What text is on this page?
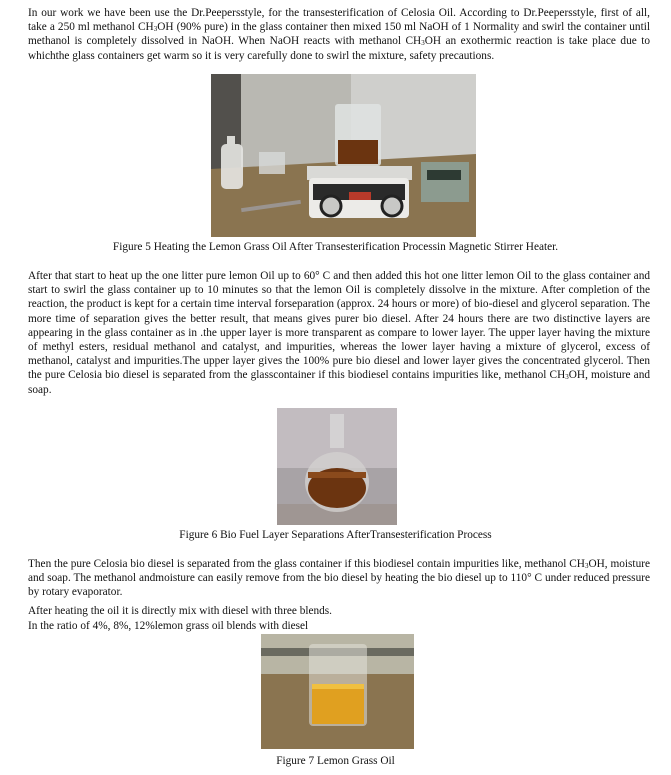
In our work we have been use the Dr.Peepersstyle, for the transesterification of Celosia Oil. According to Dr.Peepersstyle, first of all, take a 250 ml methanol $CH_3OH$ (90% pure) in the glass container then mixed 150 ml NaOH of 1 Normality and swirl the container until methanol is completely dissolved in NaOH. When NaOH reacts with methanol $CH_3OH$ an exothermic reaction is take place due to whichthe glass containers get warm so it is very carefully done to swirl the mixture, safety precautions.

Figure 5 Heating the Lemon Grass Oil After Transesterification Processin Magnetic Stirrer Heater.

After that start to heat up the one litter pure lemon Oil up to 60° C and then added this hot one litter lemon Oil to the glass container and start to swirl the glass container up to 10 minutes so that the lemon Oil is completely dissolve in the mixture. After completion of the reaction, the product is kept for a certain time interval forseparation (approx. 24 hours or more) of bio-diesel and glycerol separation. The more time of separation gives the better result, that means gives purer bio diesel. After 24 hours there are two distinctive layers are appearing in the glass container as in .the upper layer is more transparent as compare to lower layer. The upper layer having the mixture of methyl esters, residual methanol and catalyst, and impurities, whereas the lower layer having a mixture of glycerol, excess of methanol, catalyst and impurities.The upper layer gives the 100% pure bio diesel and lower layer gives the concentrated glycerol. Then the pure Celosia bio diesel is separated from the glasscontainer if this biodiesel contains impurities like, methanol $CH_3OH$, moisture and soap.

Figure 6 Bio Fuel Layer Separations AfterTransesterification Process

Then the pure Celosia bio diesel is separated from the glass container if this biodiesel contain impurities like, methanol $CH_3OH$, moisture and soap. The methanol andmoisture can easily remove from the bio diesel by heating the bio diesel up to 110° C under reduced pressure by rotary evaporator.

After heating the oil it is directly mix with diesel with three blends.

In the ratio of 4%, 8%, 12%lemon grass oil blends with diesel

Figure 7 Lemon Grass Oil
